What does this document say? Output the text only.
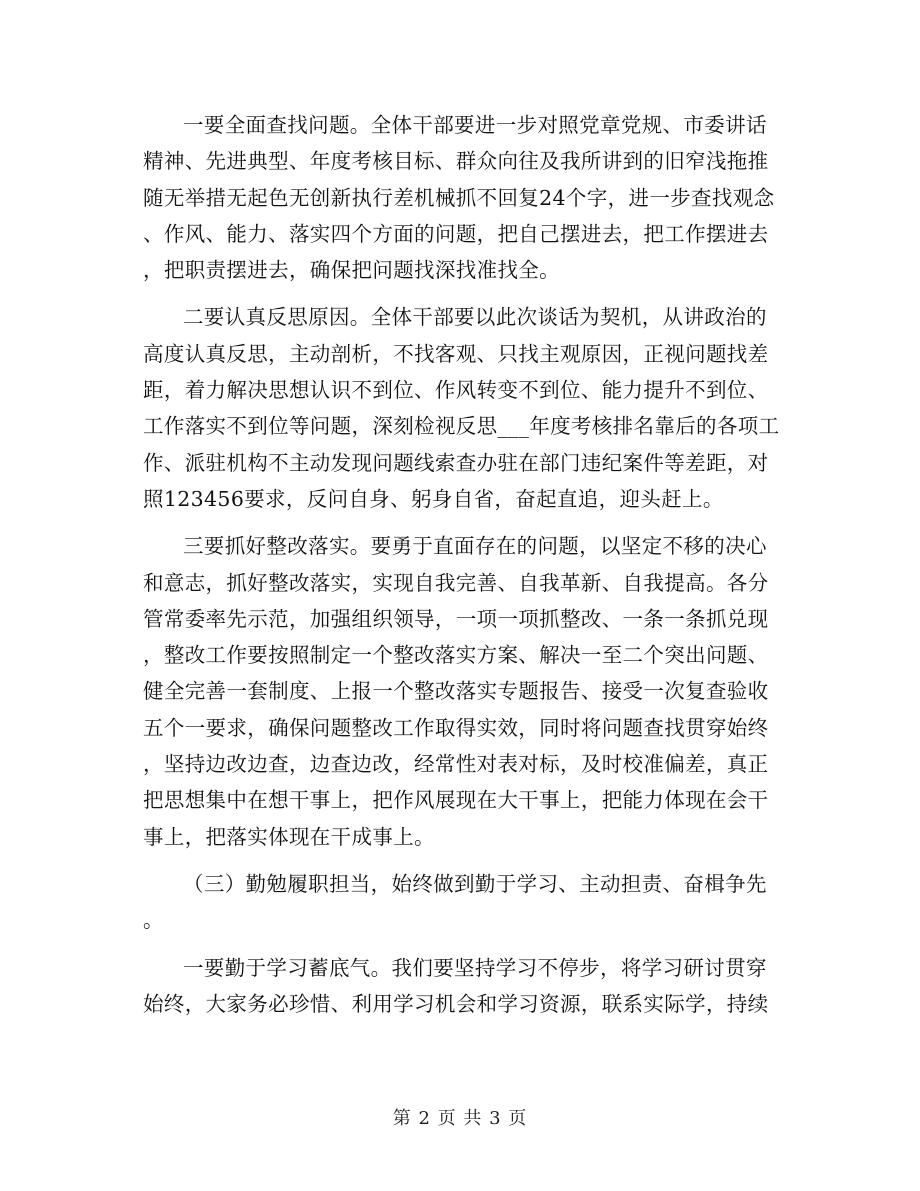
一要全面查找问题。全体干部要进一步对照党章党规、市委讲话
精神、先进典型、年度考核目标、群众向往及我所讲到的旧窄浅拖推
随无举措无起色无创新执行差机械抓不回复24个字，进一步查找观念
、作风、能力、落实四个方面的问题，把自己摆进去，把工作摆进去
，把职责摆进去，确保把问题找深找准找全。
二要认真反思原因。全体干部要以此次谈话为契机，从讲政治的
高度认真反思，主动剖析，不找客观、只找主观原因，正视问题找差
距，着力解决思想认识不到位、作风转变不到位、能力提升不到位、
工作落实不到位等问题，深刻检视反思___年度考核排名靠后的各项工
作、派驻机构不主动发现问题线索查办驻在部门违纪案件等差距，对
照123456要求，反问自身、躬身自省，奋起直追，迎头赶上。
三要抓好整改落实。要勇于直面存在的问题，以坚定不移的决心
和意志，抓好整改落实，实现自我完善、自我革新、自我提高。各分
管常委率先示范，加强组织领导，一项一项抓整改、一条一条抓兑现
，整改工作要按照制定一个整改落实方案、解决一至二个突出问题、
健全完善一套制度、上报一个整改落实专题报告、接受一次复查验收
五个一要求，确保问题整改工作取得实效，同时将问题查找贯穿始终
，坚持边改边查，边查边改，经常性对表对标，及时校准偏差，真正
把思想集中在想干事上，把作风展现在大干事上，把能力体现在会干
事上，把落实体现在干成事上。
（三）勤勉履职担当，始终做到勤于学习、主动担责、奋楫争先
。
一要勤于学习蓄底气。我们要坚持学习不停步，将学习研讨贯穿
始终，大家务必珍惜、利用学习机会和学习资源，联系实际学，持续
第 2 页 共 3 页
